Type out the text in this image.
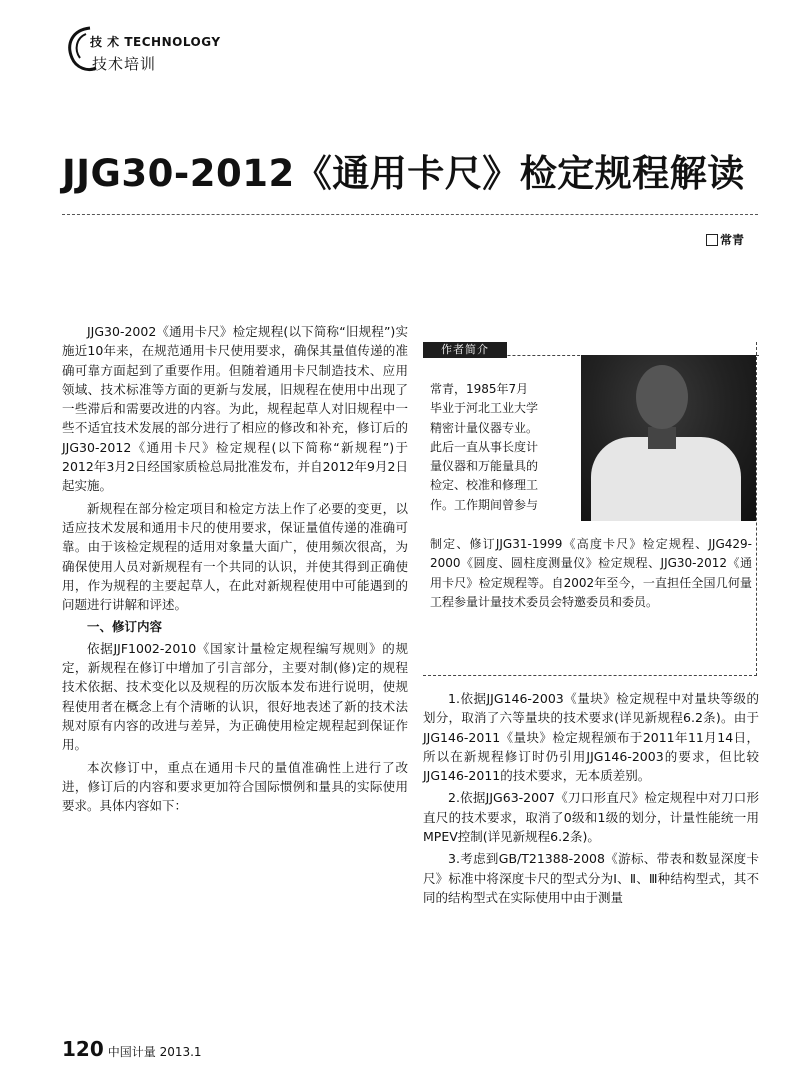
技 术 TECHNOLOGY
技术培训
JJG30-2012《通用卡尺》检定规程解读
常青

JJG30-2002《通用卡尺》检定规程(以下简称“旧规程”)实施近10年来，在规范通用卡尺使用要求，确保其量值传递的准确可靠方面起到了重要作用。但随着通用卡尺制造技术、应用领域、技术标准等方面的更新与发展，旧规程在使用中出现了一些滞后和需要改进的内容。为此，规程起草人对旧规程中一些不适宜技术发展的部分进行了相应的修改和补充，修订后的JJG30-2012《通用卡尺》检定规程(以下简称“新规程”)于2012年3月2日经国家质检总局批准发布，并自2012年9月2日起实施。

新规程在部分检定项目和检定方法上作了必要的变更，以适应技术发展和通用卡尺的使用要求，保证量值传递的准确可靠。由于该检定规程的适用对象量大面广，使用频次很高，为确保使用人员对新规程有一个共同的认识，并使其得到正确使用，作为规程的主要起草人，在此对新规程使用中可能遇到的问题进行讲解和评述。

一、修订内容

依据JJF1002-2010《国家计量检定规程编写规则》的规定，新规程在修订中增加了引言部分，主要对制(修)定的规程技术依据、技术变化以及规程的历次版本发布进行说明，使规程使用者在概念上有个清晰的认识，很好地表述了新的技术法规对原有内容的改进与差异，为正确使用检定规程起到保证作用。

本次修订中，重点在通用卡尺的量值准确性上进行了改进，修订后的内容和要求更加符合国际惯例和量具的实际使用要求。具体内容如下：

作者简介
常青，1985年7月
毕业于河北工业大学
精密计量仪器专业。
此后一直从事长度计
量仪器和万能量具的
检定、校准和修理工
作。工作期间曾参与
制定、修订JJG31-1999《高度卡尺》检定规程、JJG429-2000《圆度、圆柱度测量仪》检定规程、JJG30-2012《通用卡尺》检定规程等。自2002年至今，一直担任全国几何量工程参量计量技术委员会特邀委员和委员。

1.依据JJG146-2003《量块》检定规程中对量块等级的划分，取消了六等量块的技术要求(详见新规程6.2条)。由于JJG146-2011《量块》检定规程颁布于2011年11月14日，所以在新规程修订时仍引用JJG146-2003的要求，但比较JJG146-2011的技术要求，无本质差别。

2.依据JJG63-2007《刀口形直尺》检定规程中对刀口形直尺的技术要求，取消了0级和1级的划分，计量性能统一用MPEV控制(详见新规程6.2条)。

3.考虑到GB/T21388-2008《游标、带表和数显深度卡尺》标准中将深度卡尺的型式分为Ⅰ、Ⅱ、Ⅲ种结构型式，其不同的结构型式在实际使用中由于测量

120 中国计量 2013.1
